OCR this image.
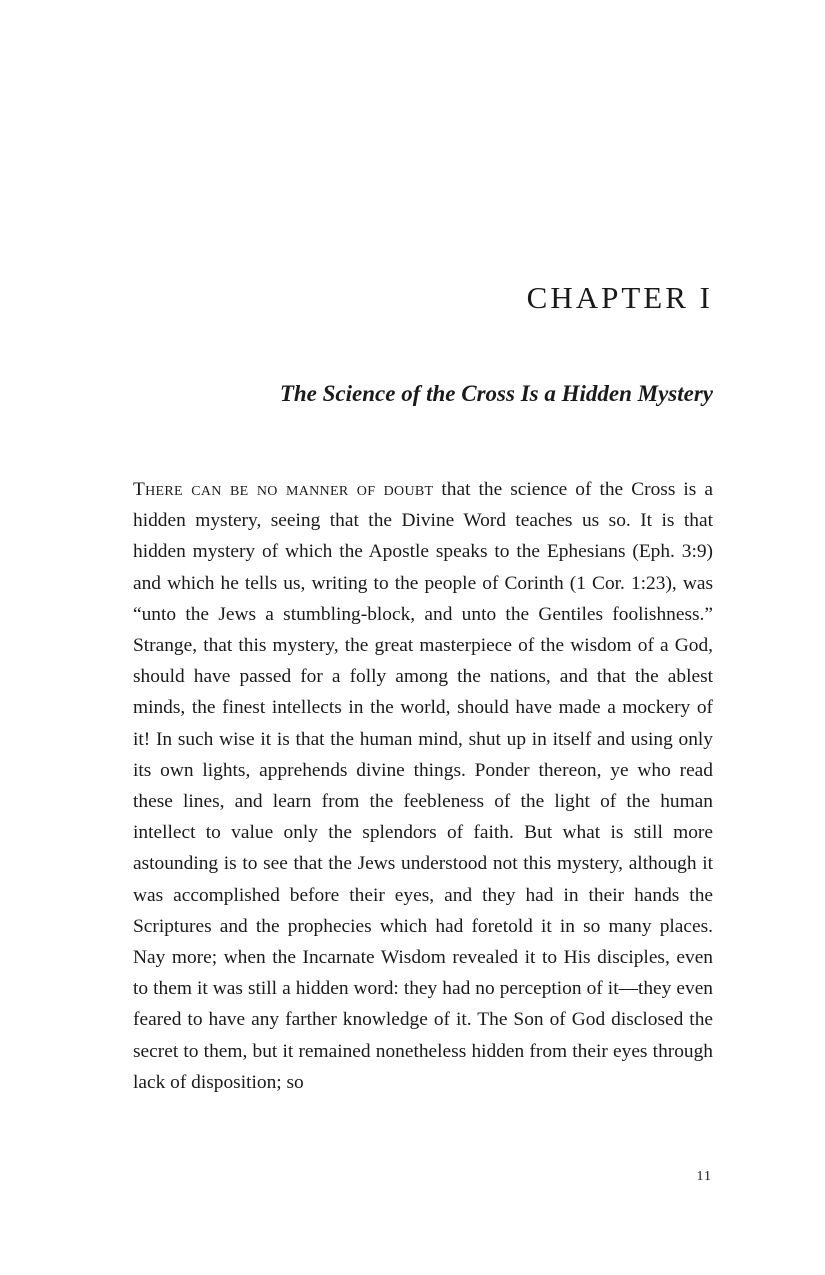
CHAPTER I
The Science of the Cross Is a Hidden Mystery

There can be no manner of doubt that the science of the Cross is a hidden mystery, seeing that the Divine Word teaches us so. It is that hidden mystery of which the Apostle speaks to the Ephesians (Eph. 3:9) and which he tells us, writing to the people of Corinth (1 Cor. 1:23), was “unto the Jews a stumbling-block, and unto the Gentiles foolishness.” Strange, that this mystery, the great masterpiece of the wisdom of a God, should have passed for a folly among the nations, and that the ablest minds, the finest intellects in the world, should have made a mockery of it! In such wise it is that the human mind, shut up in itself and using only its own lights, apprehends divine things. Ponder thereon, ye who read these lines, and learn from the feebleness of the light of the human intellect to value only the splendors of faith. But what is still more astounding is to see that the Jews understood not this mystery, although it was accomplished before their eyes, and they had in their hands the Scriptures and the prophecies which had foretold it in so many places. Nay more; when the Incarnate Wisdom revealed it to His disciples, even to them it was still a hidden word: they had no perception of it—they even feared to have any farther knowledge of it. The Son of God disclosed the secret to them, but it remained nonetheless hidden from their eyes through lack of disposition; so

11
